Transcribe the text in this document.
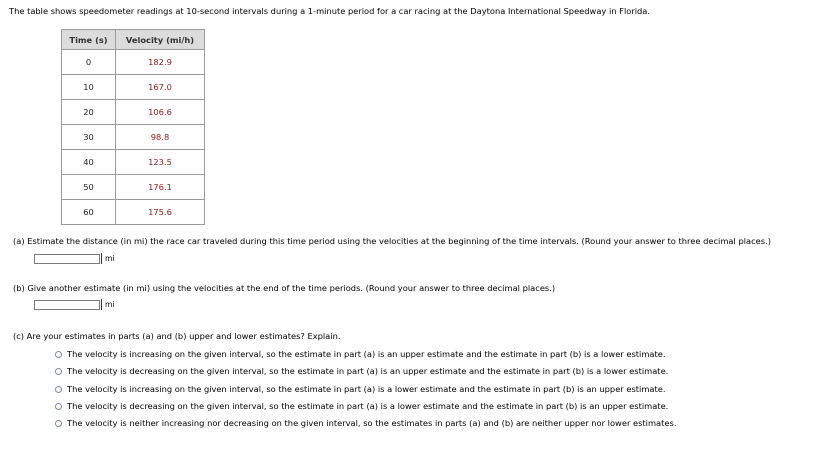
The table shows speedometer readings at 10-second intervals during a 1-minute period for a car racing at the Daytona International Speedway in Florida.
Time (s)	Velocity (mi/h)
0	182.9
10	167.0
20	106.6
30	98.8
40	123.5
50	176.1
60	175.6
(a) Estimate the distance (in mi) the race car traveled during this time period using the velocities at the beginning of the time intervals. (Round your answer to three decimal places.)
mi
(b) Give another estimate (in mi) using the velocities at the end of the time periods. (Round your answer to three decimal places.)
mi
(c) Are your estimates in parts (a) and (b) upper and lower estimates? Explain.
The velocity is increasing on the given interval, so the estimate in part (a) is an upper estimate and the estimate in part (b) is a lower estimate.
The velocity is decreasing on the given interval, so the estimate in part (a) is an upper estimate and the estimate in part (b) is a lower estimate.
The velocity is increasing on the given interval, so the estimate in part (a) is a lower estimate and the estimate in part (b) is an upper estimate.
The velocity is decreasing on the given interval, so the estimate in part (a) is a lower estimate and the estimate in part (b) is an upper estimate.
The velocity is neither increasing nor decreasing on the given interval, so the estimates in parts (a) and (b) are neither upper nor lower estimates.
